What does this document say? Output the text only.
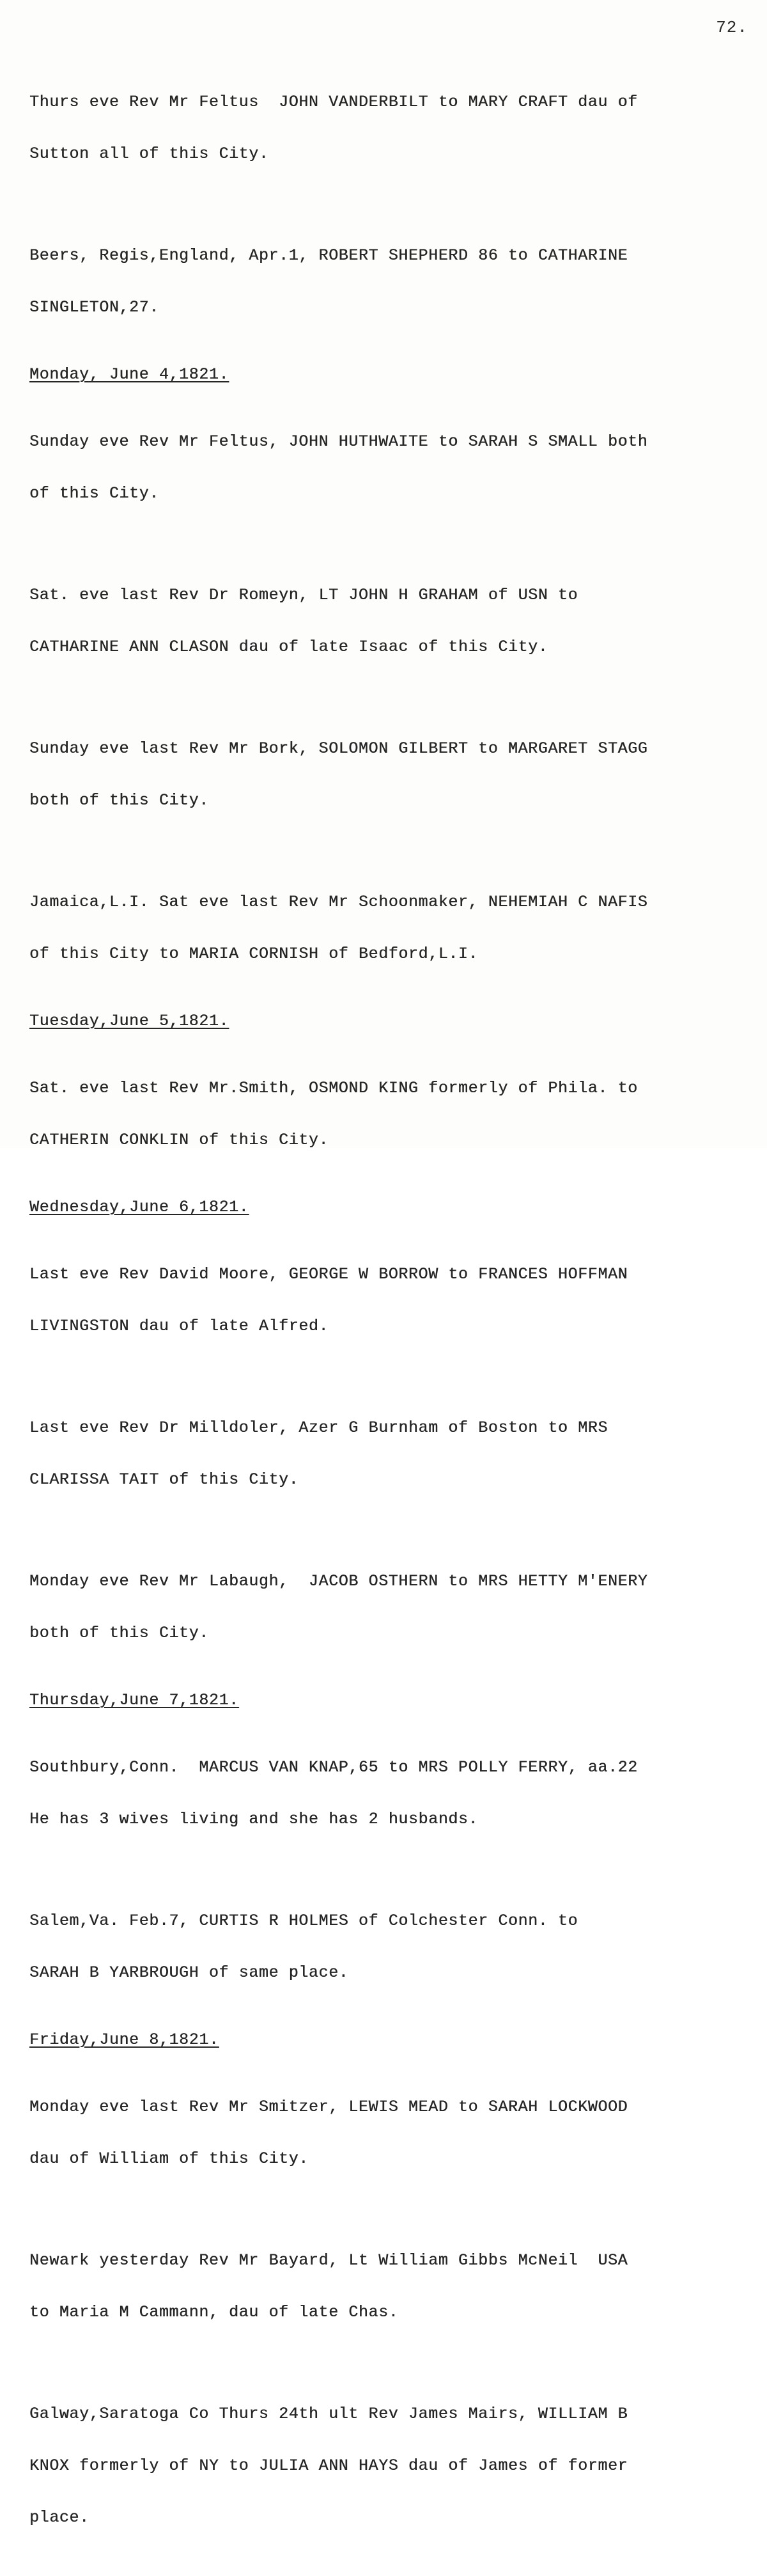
72.

Thurs eve Rev Mr Feltus  JOHN VANDERBILT to MARY CRAFT dau of

Sutton all of this City.

Beers, Regis,England, Apr.1, ROBERT SHEPHERD 86 to CATHARINE

SINGLETON,27.

Monday, June 4,1821.

Sunday eve Rev Mr Feltus, JOHN HUTHWAITE to SARAH S SMALL both

of this City.

Sat. eve last Rev Dr Romeyn, LT JOHN H GRAHAM of USN to

CATHARINE ANN CLASON dau of late Isaac of this City.

Sunday eve last Rev Mr Bork, SOLOMON GILBERT to MARGARET STAGG

both of this City.

Jamaica,L.I. Sat eve last Rev Mr Schoonmaker, NEHEMIAH C NAFIS

of this City to MARIA CORNISH of Bedford,L.I.

Tuesday,June 5,1821.

Sat. eve last Rev Mr.Smith, OSMOND KING formerly of Phila. to

CATHERIN CONKLIN of this City.

Wednesday,June 6,1821.

Last eve Rev David Moore, GEORGE W BORROW to FRANCES HOFFMAN

LIVINGSTON dau of late Alfred.

Last eve Rev Dr Milldoler, Azer G Burnham of Boston to MRS

CLARISSA TAIT of this City.

Monday eve Rev Mr Labaugh,  JACOB OSTHERN to MRS HETTY M'ENERY

both of this City.

Thursday,June 7,1821.

Southbury,Conn.  MARCUS VAN KNAP,65 to MRS POLLY FERRY, aa.22

He has 3 wives living and she has 2 husbands.

Salem,Va. Feb.7, CURTIS R HOLMES of Colchester Conn. to

SARAH B YARBROUGH of same place.

Friday,June 8,1821.

Monday eve last Rev Mr Smitzer, LEWIS MEAD to SARAH LOCKWOOD

dau of William of this City.

Newark yesterday Rev Mr Bayard, Lt William Gibbs McNeil  USA

to Maria M Cammann, dau of late Chas.

Galway,Saratoga Co Thurs 24th ult Rev James Mairs, WILLIAM B

KNOX formerly of NY to JULIA ANN HAYS dau of James of former

place.
